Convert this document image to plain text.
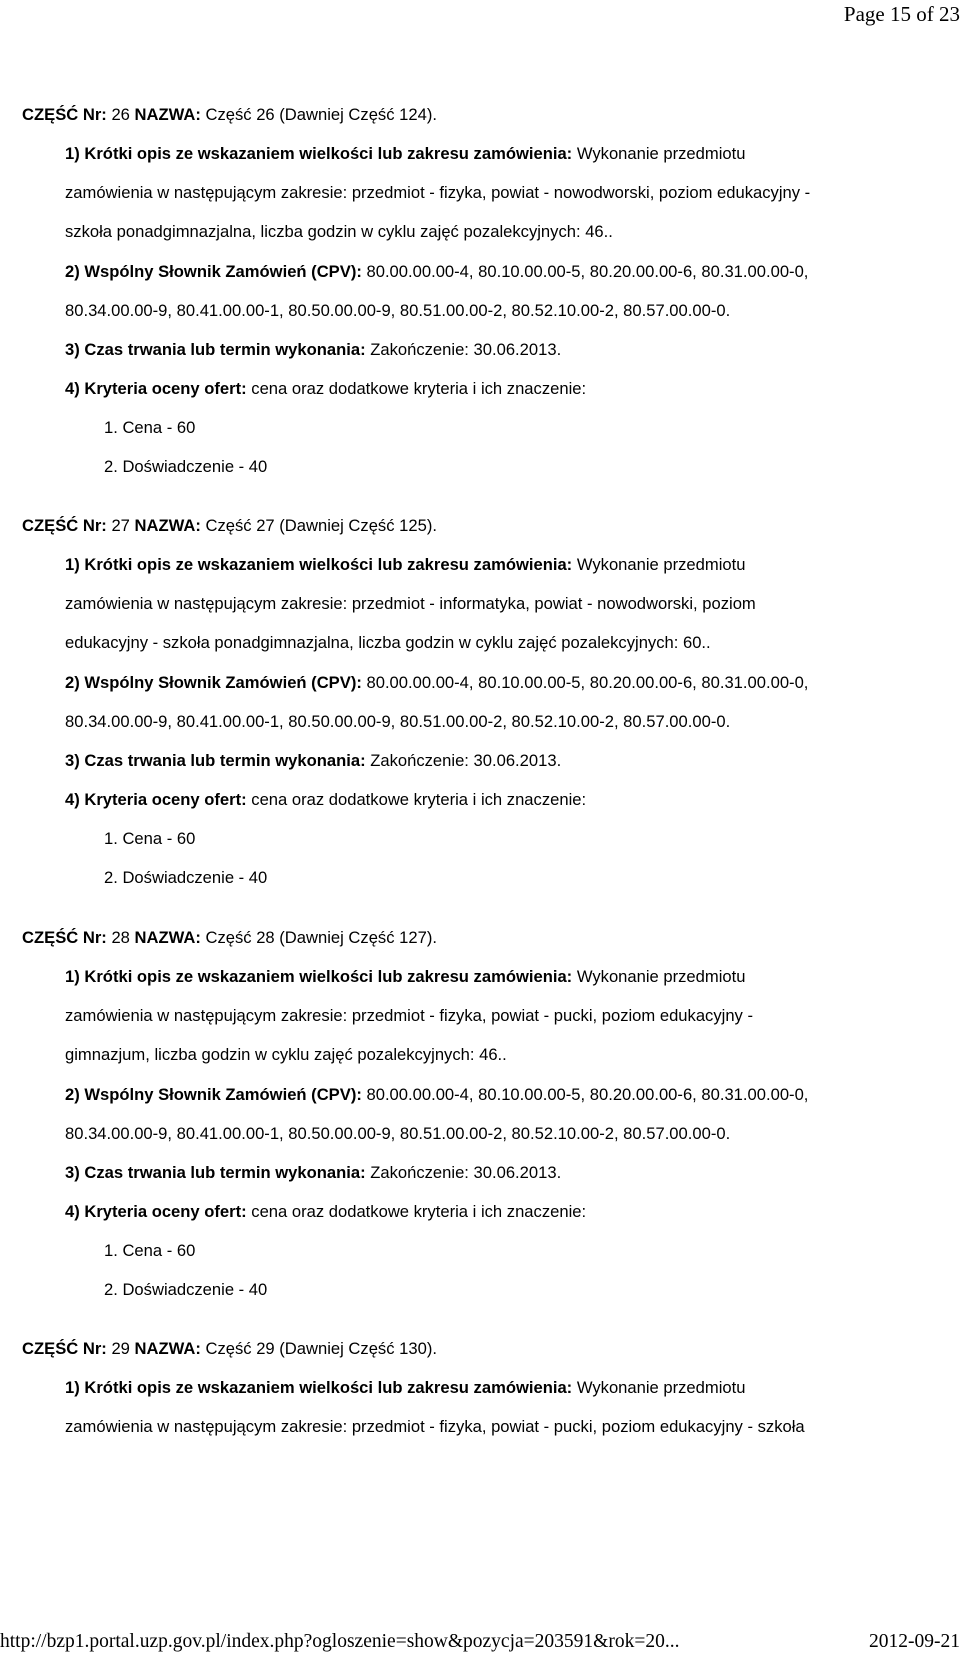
Page 15 of 23
CZĘŚĆ Nr: 26 NAZWA: Część 26 (Dawniej Część 124).
1) Krótki opis ze wskazaniem wielkości lub zakresu zamówienia: Wykonanie przedmiotu
zamówienia w następującym zakresie: przedmiot - fizyka, powiat - nowodworski, poziom edukacyjny -
szkoła ponadgimnazjalna, liczba godzin w cyklu zajęć pozalekcyjnych: 46..
2) Wspólny Słownik Zamówień (CPV): 80.00.00.00-4, 80.10.00.00-5, 80.20.00.00-6, 80.31.00.00-0,
80.34.00.00-9, 80.41.00.00-1, 80.50.00.00-9, 80.51.00.00-2, 80.52.10.00-2, 80.57.00.00-0.
3) Czas trwania lub termin wykonania: Zakończenie: 30.06.2013.
4) Kryteria oceny ofert: cena oraz dodatkowe kryteria i ich znaczenie:
1. Cena - 60
2. Doświadczenie - 40
CZĘŚĆ Nr: 27 NAZWA: Część 27 (Dawniej Część 125).
1) Krótki opis ze wskazaniem wielkości lub zakresu zamówienia: Wykonanie przedmiotu
zamówienia w następującym zakresie: przedmiot - informatyka, powiat - nowodworski, poziom
edukacyjny - szkoła ponadgimnazjalna, liczba godzin w cyklu zajęć pozalekcyjnych: 60..
2) Wspólny Słownik Zamówień (CPV): 80.00.00.00-4, 80.10.00.00-5, 80.20.00.00-6, 80.31.00.00-0,
80.34.00.00-9, 80.41.00.00-1, 80.50.00.00-9, 80.51.00.00-2, 80.52.10.00-2, 80.57.00.00-0.
3) Czas trwania lub termin wykonania: Zakończenie: 30.06.2013.
4) Kryteria oceny ofert: cena oraz dodatkowe kryteria i ich znaczenie:
1. Cena - 60
2. Doświadczenie - 40
CZĘŚĆ Nr: 28 NAZWA: Część 28 (Dawniej Część 127).
1) Krótki opis ze wskazaniem wielkości lub zakresu zamówienia: Wykonanie przedmiotu
zamówienia w następującym zakresie: przedmiot - fizyka, powiat - pucki, poziom edukacyjny -
gimnazjum, liczba godzin w cyklu zajęć pozalekcyjnych: 46..
2) Wspólny Słownik Zamówień (CPV): 80.00.00.00-4, 80.10.00.00-5, 80.20.00.00-6, 80.31.00.00-0,
80.34.00.00-9, 80.41.00.00-1, 80.50.00.00-9, 80.51.00.00-2, 80.52.10.00-2, 80.57.00.00-0.
3) Czas trwania lub termin wykonania: Zakończenie: 30.06.2013.
4) Kryteria oceny ofert: cena oraz dodatkowe kryteria i ich znaczenie:
1. Cena - 60
2. Doświadczenie - 40
CZĘŚĆ Nr: 29 NAZWA: Część 29 (Dawniej Część 130).
1) Krótki opis ze wskazaniem wielkości lub zakresu zamówienia: Wykonanie przedmiotu
zamówienia w następującym zakresie: przedmiot - fizyka, powiat - pucki, poziom edukacyjny - szkoła
http://bzp1.portal.uzp.gov.pl/index.php?ogloszenie=show&pozycja=203591&rok=20...	2012-09-21
